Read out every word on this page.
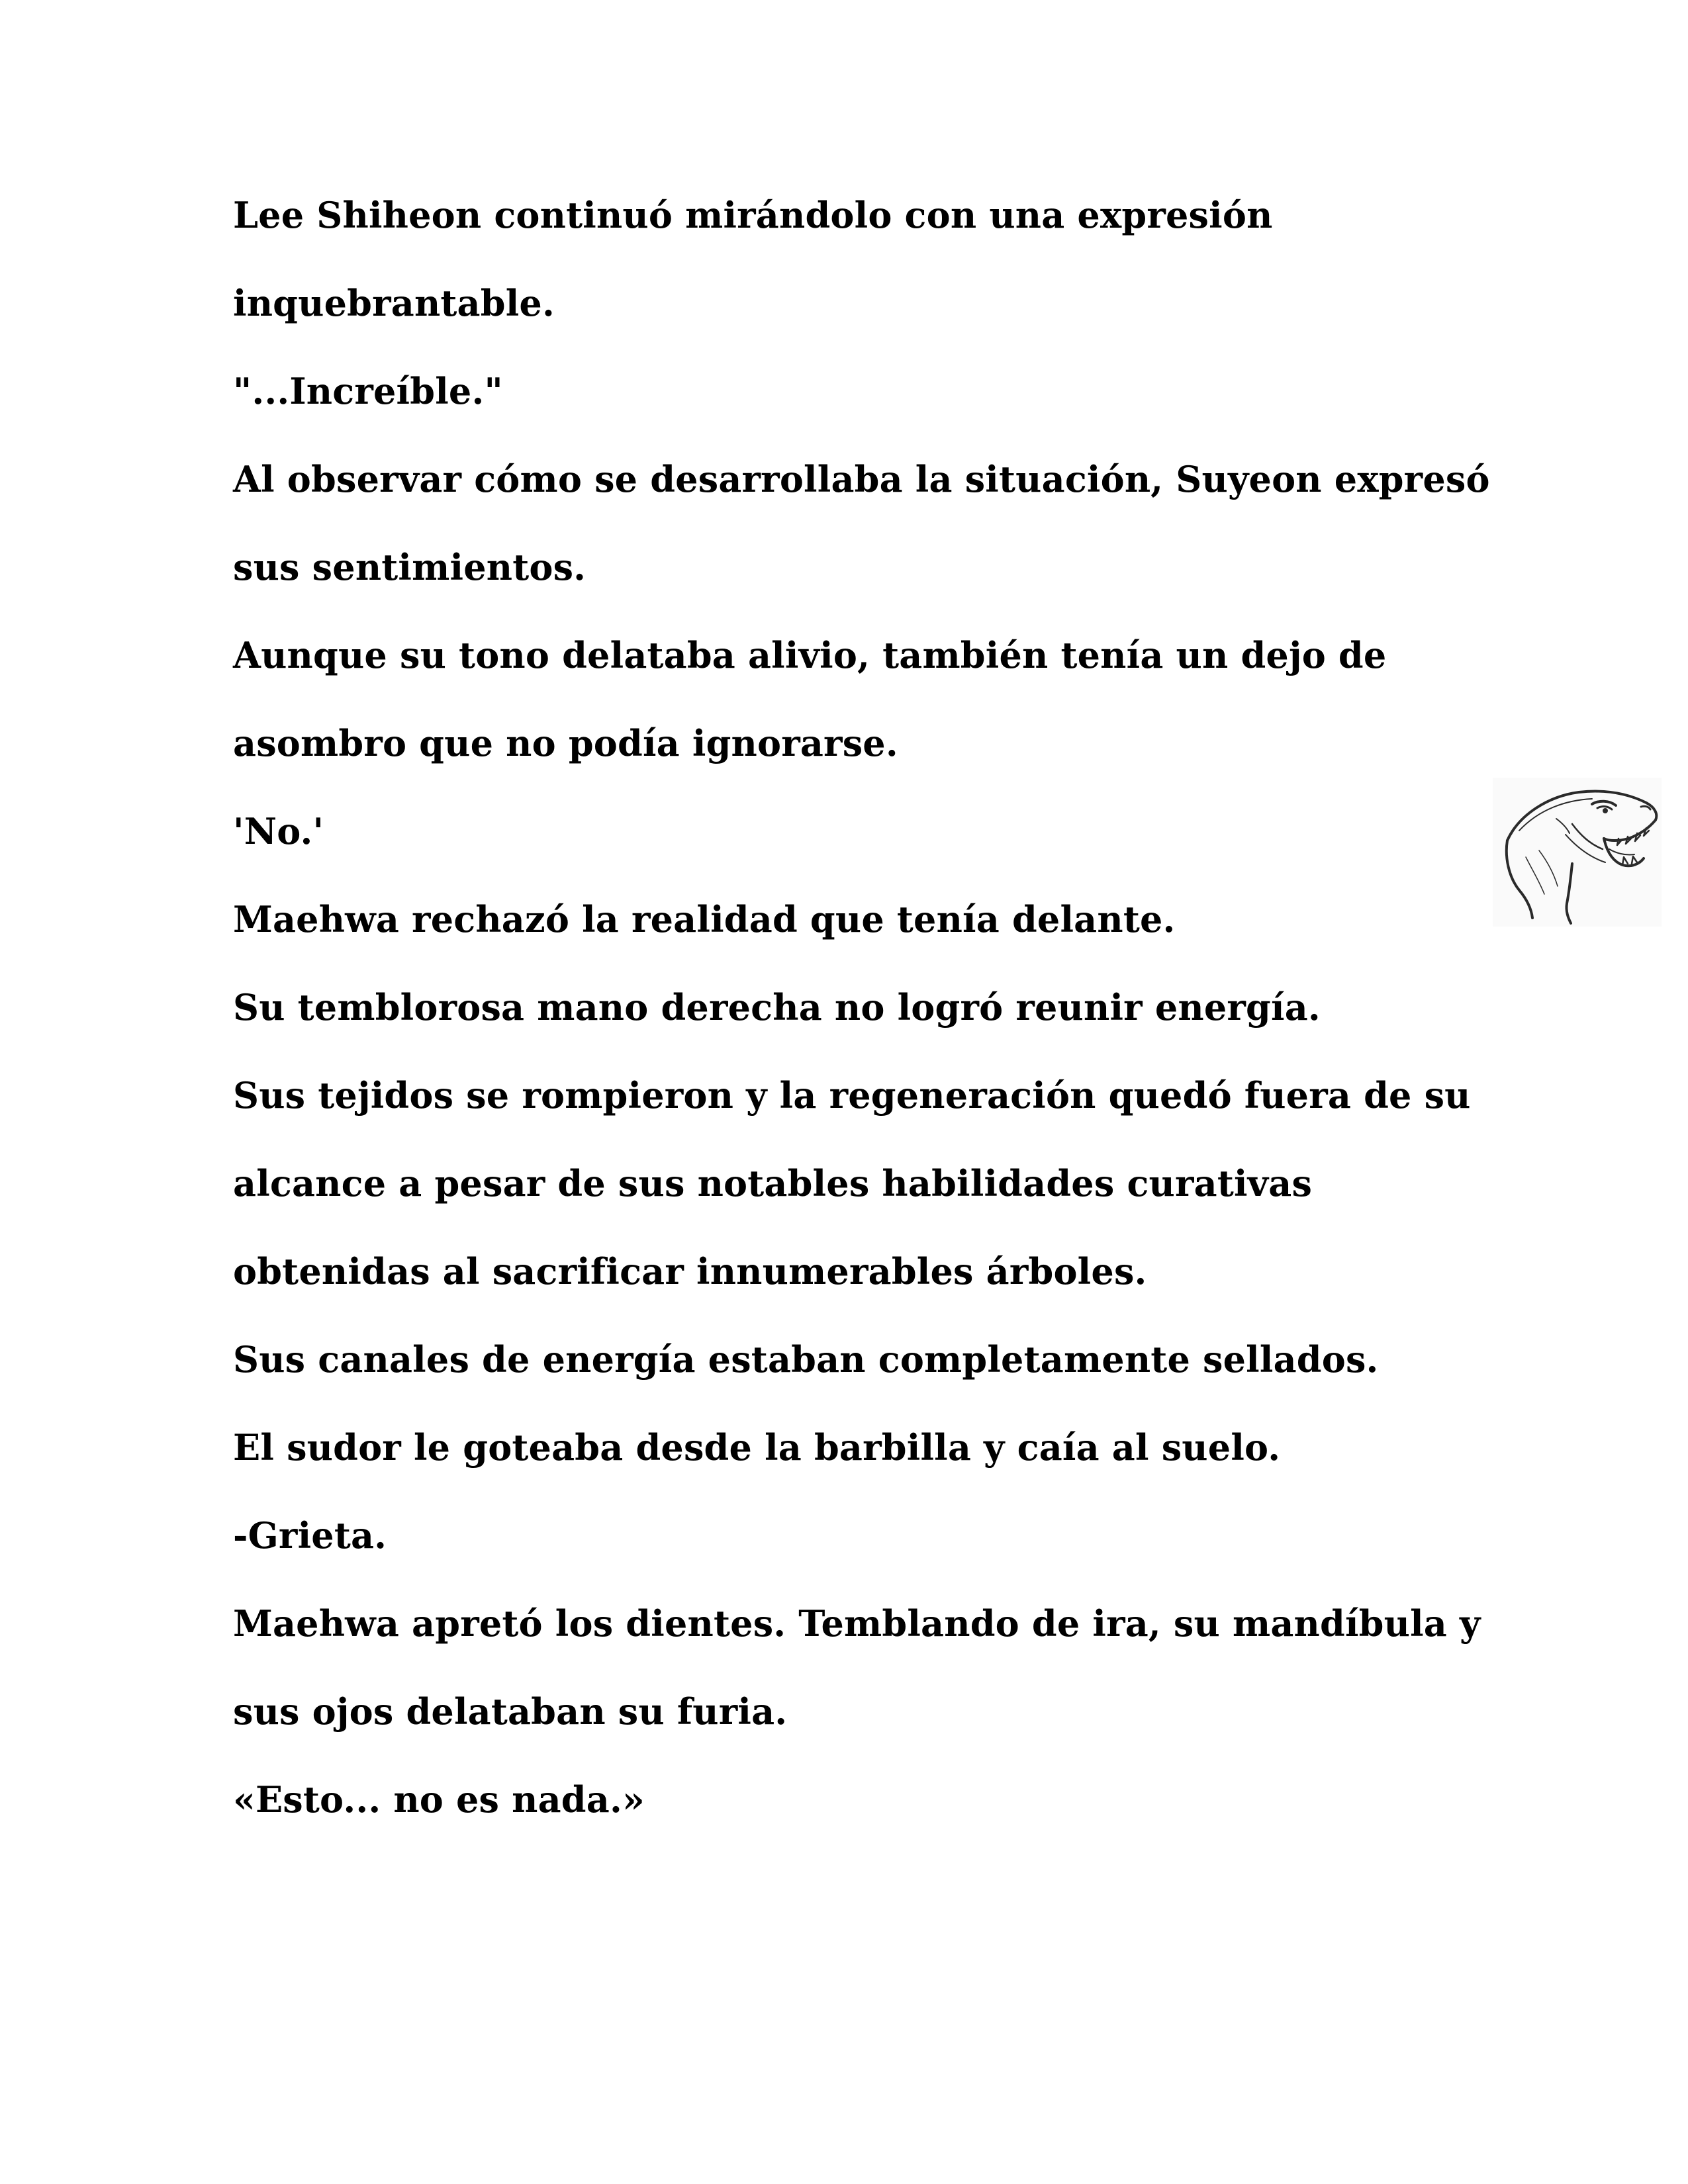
Lee Shiheon continuó mirándolo con una expresión
inquebrantable.
"...Increíble."
Al observar cómo se desarrollaba la situación, Suyeon expresó
sus sentimientos.
Aunque su tono delataba alivio, también tenía un dejo de
asombro que no podía ignorarse.
'No.'
Maehwa rechazó la realidad que tenía delante.
Su temblorosa mano derecha no logró reunir energía.
Sus tejidos se rompieron y la regeneración quedó fuera de su
alcance a pesar de sus notables habilidades curativas
obtenidas al sacrificar innumerables árboles.
Sus canales de energía estaban completamente sellados.
El sudor le goteaba desde la barbilla y caía al suelo.
-Grieta.
Maehwa apretó los dientes. Temblando de ira, su mandíbula y
sus ojos delataban su furia.
«Esto... no es nada.»
